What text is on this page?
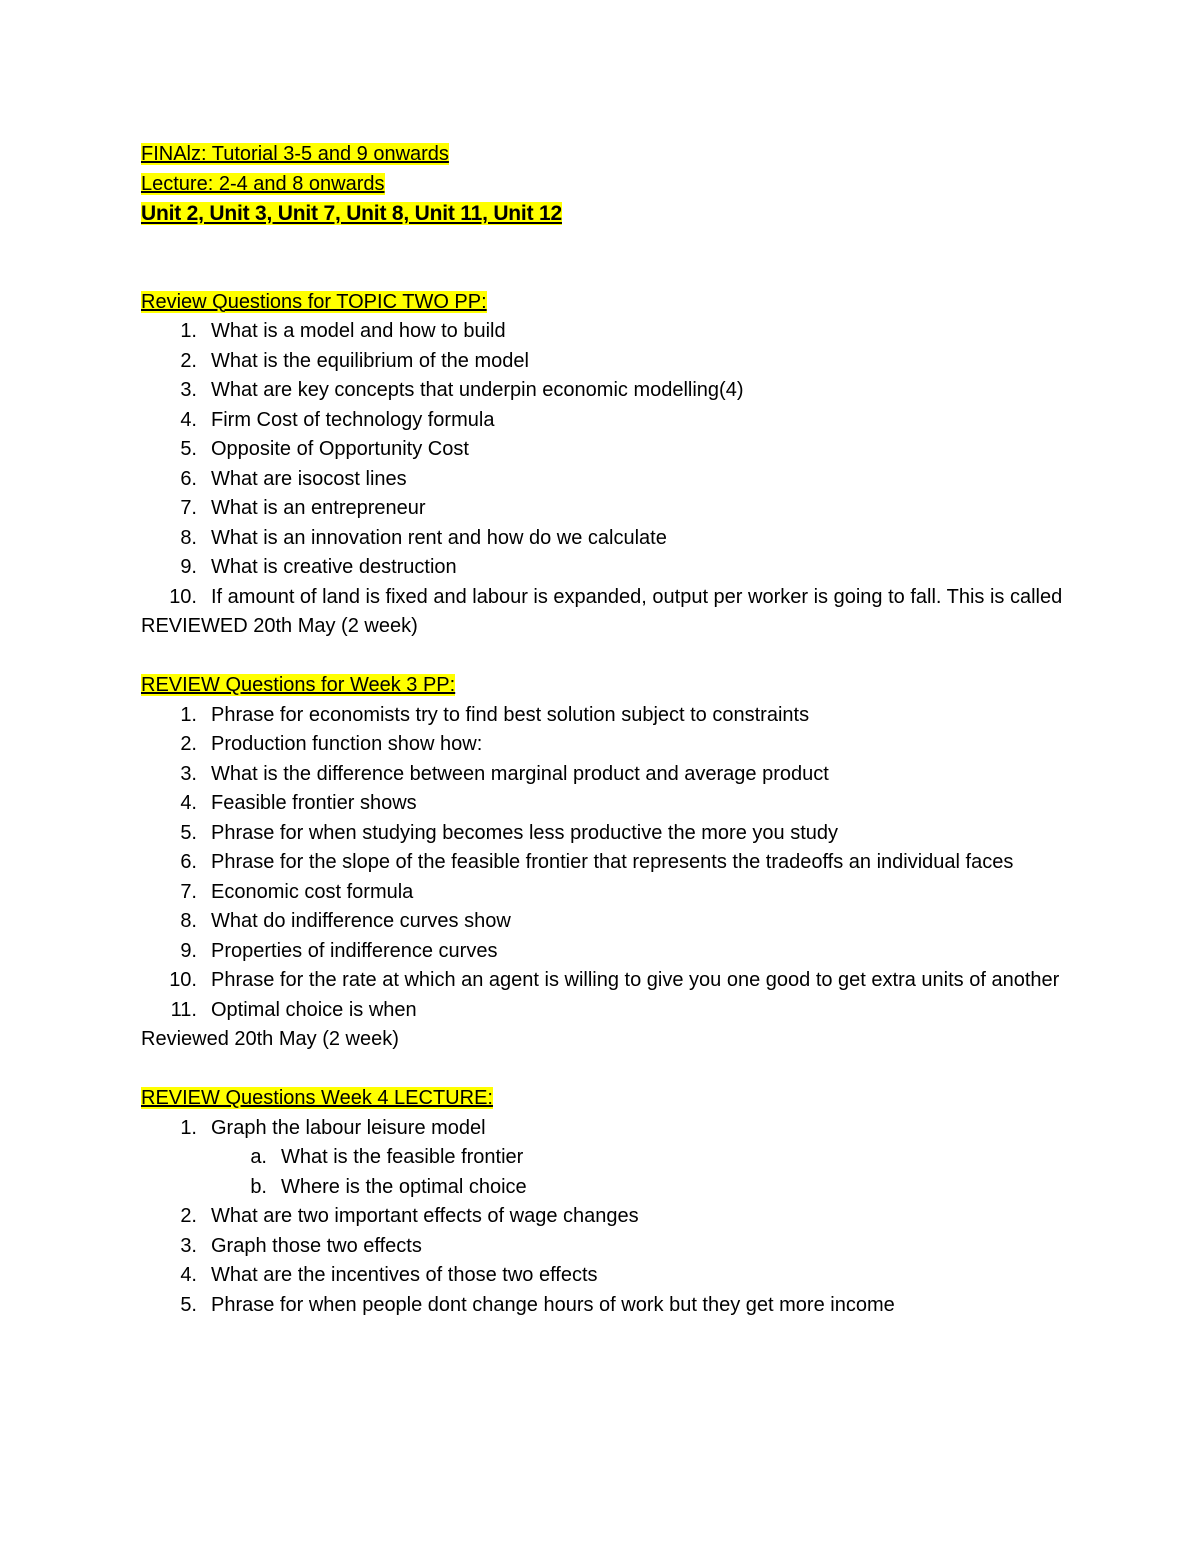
FINAlz: Tutorial 3-5 and 9 onwards
Lecture: 2-4 and 8 onwards
Unit 2, Unit 3, Unit 7, Unit 8, Unit 11, Unit 12
Review Questions for TOPIC TWO PP:
1. What is a model and how to build
2. What is the equilibrium of the model
3. What are key concepts that underpin economic modelling(4)
4. Firm Cost of technology formula
5. Opposite of Opportunity Cost
6. What are isocost lines
7. What is an entrepreneur
8. What is an innovation rent and how do we calculate
9. What is creative destruction
10. If amount of land is fixed and labour is expanded, output per worker is going to fall. This is called
REVIEWED 20th May (2 week)
REVIEW Questions for Week 3 PP:
1. Phrase for economists try to find best solution subject to constraints
2. Production function show how:
3. What is the difference between marginal product and average product
4. Feasible frontier shows
5. Phrase for when studying becomes less productive the more you study
6. Phrase for the slope of the feasible frontier that represents the tradeoffs an individual faces
7. Economic cost formula
8. What do indifference curves show
9. Properties of indifference curves
10. Phrase for the rate at which an agent is willing to give you one good to get extra units of another
11. Optimal choice is when
Reviewed 20th May (2 week)
REVIEW Questions Week 4 LECTURE:
1. Graph the labour leisure model
a. What is the feasible frontier
b. Where is the optimal choice
2. What are two important effects of wage changes
3. Graph those two effects
4. What are the incentives of those two effects
5. Phrase for when people dont change hours of work but they get more income
